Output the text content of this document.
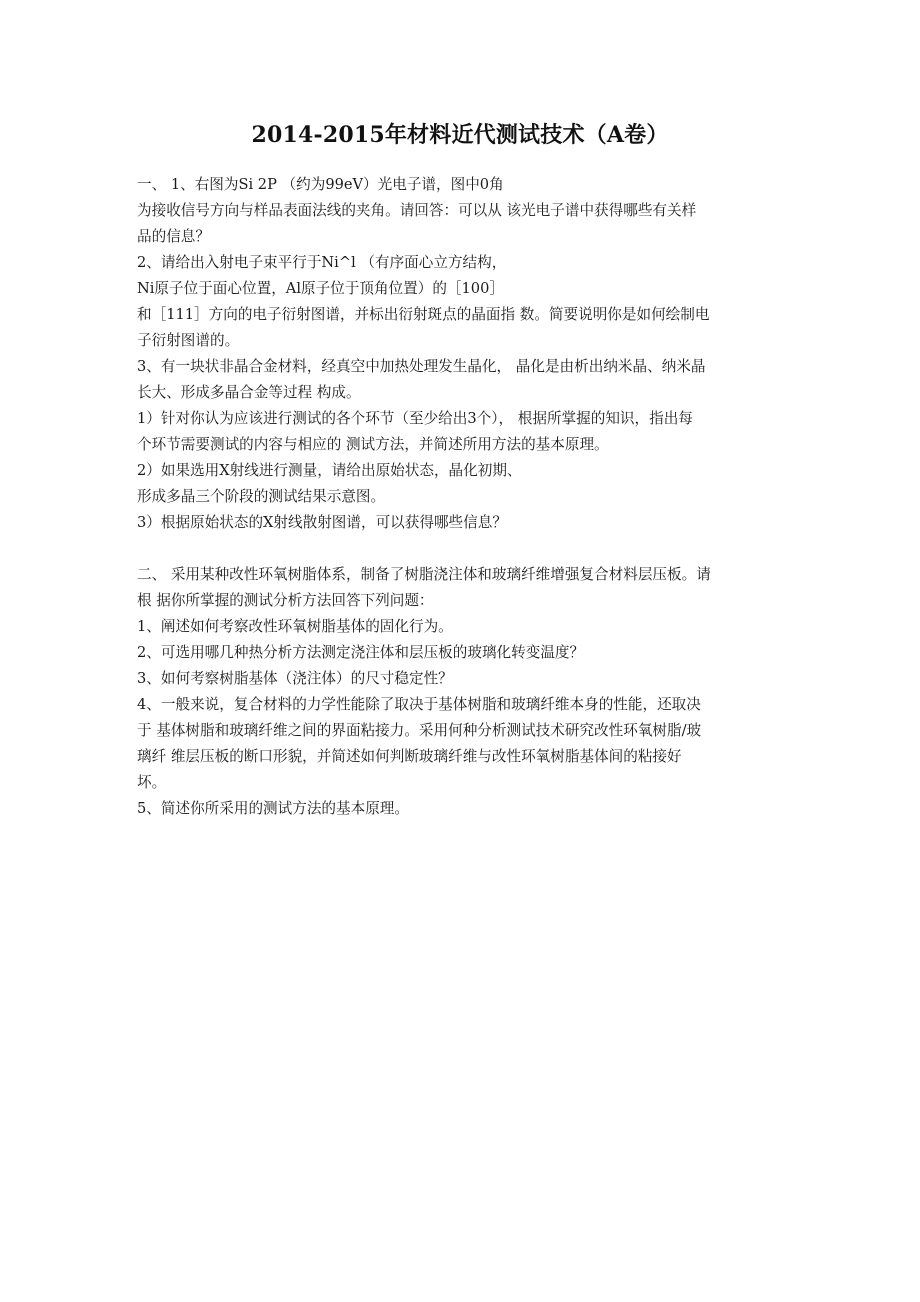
2014-2015年材料近代测试技术（A卷）
一、 1、右图为Si 2P （约为99eV）光电子谱，图中0角
为接收信号方向与样品表面法线的夹角。请回答：可以从 该光电子谱中获得哪些有关样
品的信息？
2、请给出入射电子束平行于Ni^l （有序面心立方结构，
Ni原子位于面心位置，Al原子位于顶角位置）的［100］
和［111］方向的电子衍射图谱，并标出衍射斑点的晶面指 数。简要说明你是如何绘制电
子衍射图谱的。
3、有一块状非晶合金材料，经真空中加热处理发生晶化， 晶化是由析出纳米晶、纳米晶
长大、形成多晶合金等过程 构成。
1）针对你认为应该进行测试的各个环节（至少给出3个）， 根据所掌握的知识，指出每
个环节需要测试的内容与相应的 测试方法，并简述所用方法的基本原理。
2）如果选用X射线进行测量，请给出原始状态，晶化初期、
形成多晶三个阶段的测试结果示意图。
3）根据原始状态的X射线散射图谱，可以获得哪些信息？
二、 采用某种改性环氧树脂体系，制备了树脂浇注体和玻璃纤维增强复合材料层压板。请
根 据你所掌握的测试分析方法回答下列问题：
1、阐述如何考察改性环氧树脂基体的固化行为。
2、可选用哪几种热分析方法测定浇注体和层压板的玻璃化转变温度？
3、如何考察树脂基体（浇注体）的尺寸稳定性？
4、一般来说，复合材料的力学性能除了取决于基体树脂和玻璃纤维本身的性能，还取决
于 基体树脂和玻璃纤维之间的界面粘接力。采用何种分析测试技术研究改性环氧树脂/玻
璃纤 维层压板的断口形貌，并简述如何判断玻璃纤维与改性环氧树脂基体间的粘接好
坏。
5、简述你所采用的测试方法的基本原理。
